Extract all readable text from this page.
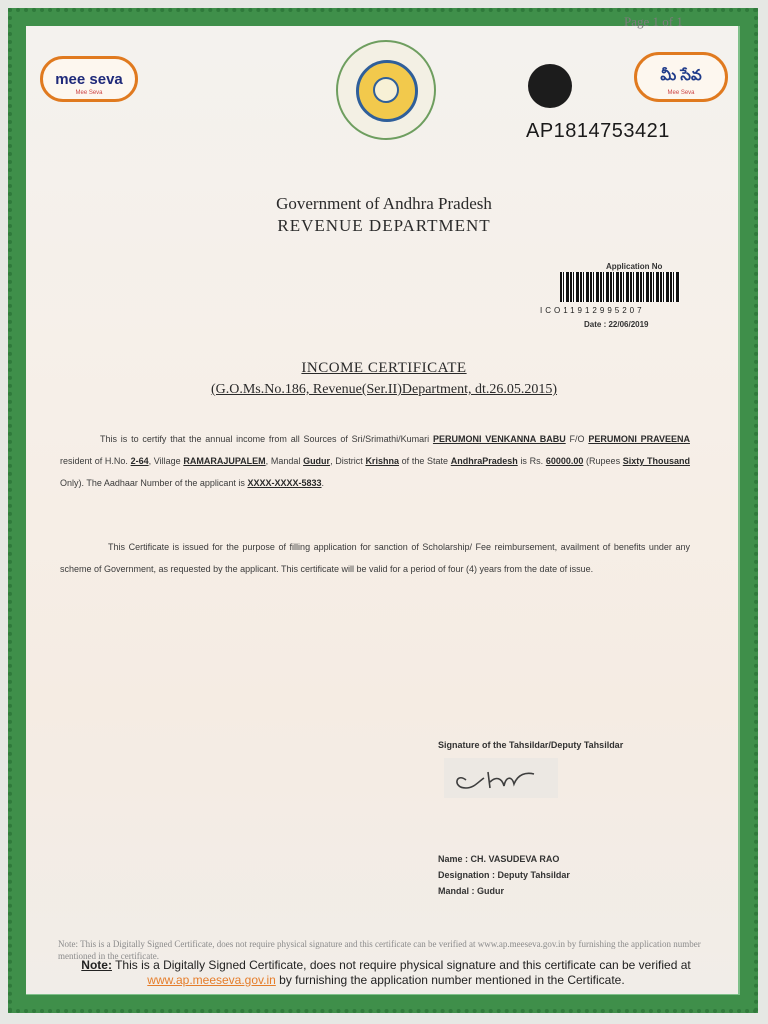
Page 1 of 1
mee seva
Mee Seva
మీ సేవ
Mee Seva
AP1814753421
Government of Andhra Pradesh
REVENUE DEPARTMENT
Application No
ICO11912995207
Date : 22/06/2019
INCOME CERTIFICATE
(G.O.Ms.No.186, Revenue(Ser.II)Department, dt.26.05.2015)
This is to certify that the annual income from all Sources of Sri/Srimathi/Kumari PERUMONI VENKANNA BABU F/O PERUMONI PRAVEENA resident of H.No. 2-64, Village RAMARAJUPALEM, Mandal Gudur, District Krishna of the State AndhraPradesh is Rs. 60000.00 (Rupees Sixty Thousand Only). The Aadhaar Number of the applicant is XXXX-XXXX-5833.
This Certificate is issued for the purpose of filling application for sanction of Scholarship/ Fee reimbursement, availment of benefits under any scheme of Government, as requested by the applicant. This certificate will be valid for a period of four (4) years from the date of issue.
Signature of the Tahsildar/Deputy Tahsildar
Name : CH. VASUDEVA RAO
Designation : Deputy Tahsildar
Mandal : Gudur
Note: This is a Digitally Signed Certificate, does not require physical signature and this certificate can be verified at www.ap.meeseva.gov.in by furnishing the application number mentioned in the certificate.
Note: This is a Digitally Signed Certificate, does not require physical signature and this certificate can be verified at www.ap.meeseva.gov.in by furnishing the application number mentioned in the Certificate.
